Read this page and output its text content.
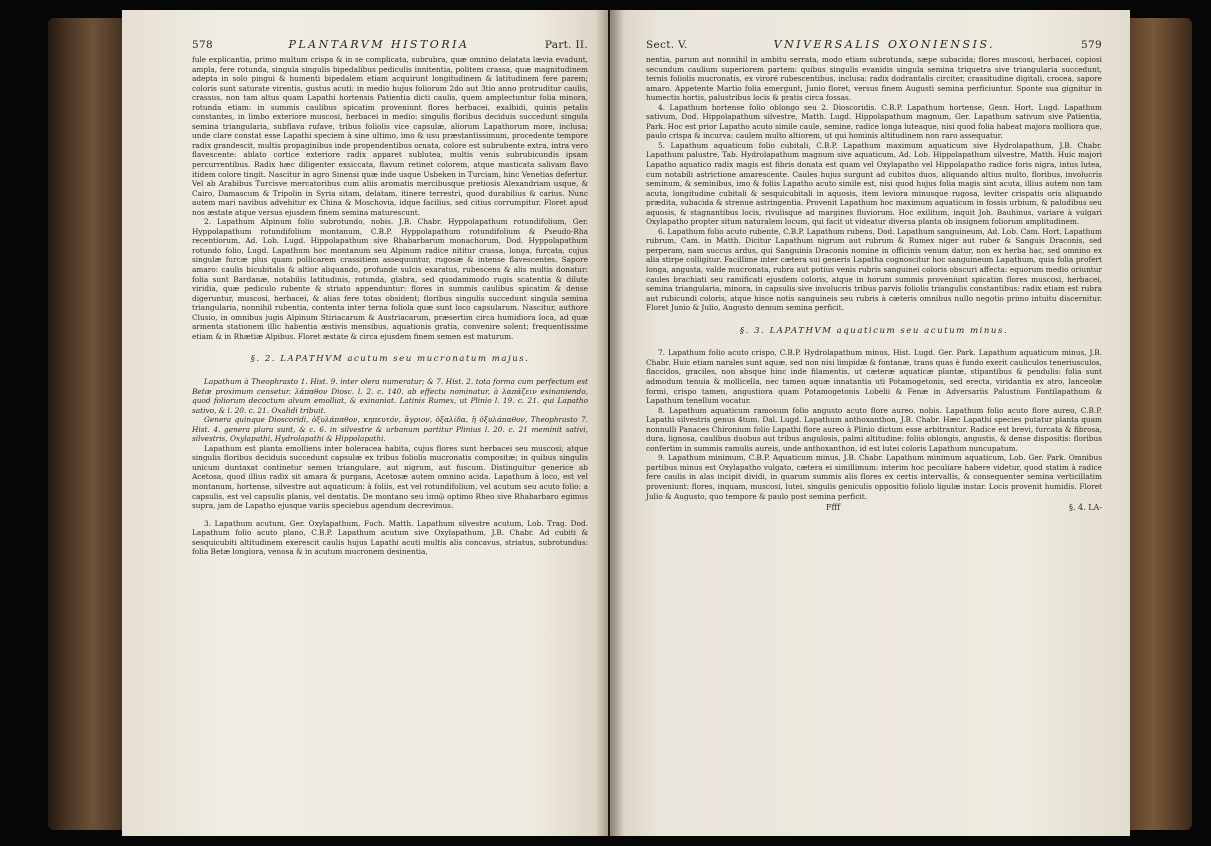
578	PLANTARVM HISTORIA	Part. II.

fule explicantia, primo multum crispa & in se complicata, subrubra, quæ omnino delatata lævia evadunt, ampla, fere rotunda, singula singulis bipedalibus pediculis innitentia, politem crassa, quæ magnitudinem adepta in solo pingui & humenti bipedalem etiam acquirunt longitudinem & latitudinem fere parem; coloris sunt saturate virentis, gustus acuti: in medio hujus foliorum 2do aut 3tio anno protruditur caulis, crassus, non tam altus quam Lapathi hortensis Patientia dicti caulis, quem amplectuntur folia minora, rotunda etiam: in summis caulibus spicatim proveniunt flores herbacei, exalbidi, quinis petalis constantes, in limbo exteriore muscosi, herbacei in medio: singulis floribus deciduis succedunt singula semina triangularia, subflava rufave, tribus foliolis vice capsulæ, aliorum Lapathorum more, inclusa; unde clare constat esse Lapathi speciem à sine ultimo, imo & usu præstantissimum, procedente tempore radix grandescit, multis propaginibus inde propendentibus ornata, colore est subrubente extra, intra vero flavescente: ablato cortice exteriore radix apparet sublutea, multis venis subrubicundis ipsam percurrentibus. Radix hæc diligenter exsiccata, flavum retinet colorem, atque masticata salivam flavo itidem colore tingit. Nascitur in agro Sinensi quæ inde usque Usbeken in Turciam, hinc Venetias defertur. Vel ab Arabibus Turcisve mercatoribus cum aliis aromatis mercibusque pretiosis Alexandriam usque, & Cairo, Damascum & Tripolin in Syria sitam, delatam, itinere terrestri, quod durabilius & carius. Nunc autem mari navibus advehitur ex China & Moschovia, idque facilius, sed citius corrumpitur. Floret apud nos æstate atque versus ejusdem finem semina maturescunt.

2. Lapathum Alpinum folio subrotundo, nobis. J.B. Chabr. Hyppolapathum rotundifolium, Ger. Hyppolapathum rotundifolium montanum, C.B.P. Hyppolapathum rotundifolium & Pseudo-Rha recentiorum, Ad. Lob. Lugd. Hippolapathum sive Rhabarbarum monachorum, Dod. Hyppolapathum rotundo folio, Lugd. Lapathum hoc montanum seu Alpinum radice nititur crassa, longa, furcata, cujus singulæ furcæ plus quam pollicarem crassitiem assequuntur, rugosæ & intense flavescentes. Sapore amaro: caulis bicubitalis & altior aliquando, profunde sulcis exaratus, rubescens & alis multis donatur: folia sunt Bardanæ, notabilis latitudinis, rotunda, glabra, sed quodammodo rugis scatentia & dilute viridia, quæ pediculo rubente & striato appenduntur: flores in summis caulibus spicatim & dense digeruntur, muscosi, herbacei, & alias fere totas obsident; floribus singulis succedunt singula semina triangularia, nonnihil rubentia, contenta inter terna foliola quæ sunt loco capsularum. Nascitur, authore Clusio, in omnibus jugis Alpinum Stiriacarum & Austriacarum, præsertim circa humidiora loca, ad quæ armenta stationem illic habentia æstivis mensibus, aquationis gratia, convenire solent; frequentissime etiam & in Rhætiæ Alpibus. Floret æstate & circa ejusdem finem semen est maturum.

§. 2. LAPATHVM acutum seu mucronatum majus.

Lapathum à Theophrasto 1. Hist. 9. inter olera numeratur; & 7. Hist. 2. tota forma cum perfectum est Betæ proximum censetur. λάπαθον Diosc. l. 2. c. 140. ab effectu nominatur, à λαπάζειν exinaniendo, quod foliorum decoctum alvum emolliat, & exinaniat. Latinis Rumex, ut Plinio l. 19. c. 21. qui Lapatho sativo, & l. 20. c. 21. Oxalidi tribuit.

Genera quinque Dioscoridi, ὀξυλάπαθον, κηπευτόν, ἄγριον, ὀξαλίδα, ἢ ὀξυλάπαθον, Theophrasto 7. Hist. 4. genera plura sunt, & c. 6. in silvestre & urbanum partitur Plinius l. 20. c. 21 meminit sativi, silvestris, Oxylapathi, Hydrolapathi & Hippolapathi.

Lapathum est planta emolliens inter holeracea habita, cujus flores sunt herbacei seu muscosi; atque singulis floribus deciduis succedunt capsulæ ex tribus foliolis mucronatis compositæ; in quibus singulis unicum duntaxat continetur semen triangulare, aut nigrum, aut fuscum. Distinguitur generice ab Acetosa, quod illius radix sit amara & purgans, Acetosæ autem omnino acida. Lapathum à loco, est vel montanum, hortense, silvestre aut aquaticum: à foliis, est vel rotundifolium, vel acutum seu acuto folio: a capsulis, est vel capsulis planis, vel dentatis. De montano seu ἱππῷ optimo Rheo sive Rhabarbaro egimus supra, jam de Lapatho ejusque variis speciebus agendum decrevimus.

3. Lapathum acutum, Ger. Oxylapathum, Fuch. Matth. Lapathum silvestre acutum, Lob. Trag. Dod. Lapathum folio acuto plano, C.B.P. Lapathum acutum sive Oxylapathum, J.B. Chabr. Ad cubiti & sesquicubiti altitudinem exerescit caulis hujus Lapathi acuti multis alis concavus, striatus, subrotundus: folia Betæ longiora, venosa & in acutum mucronem desinentia,

Sect. V.	VNIVERSALIS OXONIENSIS.	579

nentia, parum aut nonnihil in ambitu serrata, modo etiam subrotunda, sæpe subacida; flores muscosi, herbacei, copiosi secundum caulium superiorem partem: quibus singulis evanidis singula semina triquetra sive triangularia succedunt, ternis foliolis mucronatis, ex viroré rubescentibus, inclusa: radix dodrantalis circiter, crassitudine digitali, crocea, sapore amaro. Appetente Martio folia emergunt, Junio floret, versus finem Augusti semina perficiuntur. Sponte sua gignitur in humectis hortis, palustribus locis & pratis circa fossas.

4. Lapathum hortense folio oblongo seu 2. Dioscoridis. C.B.P. Lapathum hortense, Gesn. Hort. Lugd. Lapathum sativum, Dod. Hippolapathum silvestre, Matth. Lugd. Hippolapathum magnum, Ger. Lapathum sativum sive Patientia, Park. Hoc est prior Lapatho acuto simile caule, semine, radice longa luteaque, nisi quod folia habeat majora molliora que, paulo crispa & incurva: caulem multo altiorem, ut qui hominis altitudinem non raro assequatur.

5. Lapathum aquaticum folio cubitali, C.B.P. Lapathum maximum aquaticum sive Hydrolapathum, J.B. Chabr. Lapathum palustre, Tab. Hydrolapathum magnum sive aquaticum, Ad. Lob. Hippolapathum silvestre, Matth. Huic majori Lapatho aquatico radix magis est fibris donata est quam vel Oxylapatho vel Hippolapatho radice foris nigra, intus lutea, cum notabili astrictione amarescente. Caules hujus surgunt ad cubitos duos, aliquando altius multo, floribus, involucris seminum, & seminibus, imo & foliis Lapatho acuto simile est, nisi quod hujus folia magis sint acuta, illius autem non tam acuta, longitudine cubitali & sesquicubitali in aquosis, item leviora minusque rugosa, leviter crispatis oris aliquando prædita, subacida & strenue astringentia. Provenit Lapathum hoc maximum aquaticum in fossis urbium, & paludibus seu aquosis, & stagnantibus locis, rivulisque ad margines fluviorum. Hoc exilitum, inquit Joh. Bauhinus, variare à vulgari Oxylapatho propter situm naturalem locum, qui facit ut videatur diversa planta ob insignem foliorum amplitudinem.

6. Lapathum folio acuto rubente, C.B.P. Lapathum rubens, Dod. Lapathum sanguineum, Ad. Lob. Cam. Hort. Lapathum rubrum, Cam. in Matth. Dicitur Lapathum nigrum aut rubrum & Rumex niger aut ruber & Sanguis Draconis, sed perperam, nam succus ardus, qui Sanguinis Draconis nomine in officinis venum datur, non ex herba hac, sed omnino ex alia stirpe colligitur. Facillime inter cætera sui generis Lapatha cognoscitur hoc sanguineum Lapathum, quia folia profert longa, angusta, valde mucronata, rubra aut potius venis rubris sanguinei coloris obscuri affecta: equorum medio oriuntur caules brachiati seu ramificati ejusdem coloris, atque in horum summis proveniunt spicatim flores muscosi, herbacei, semina triangularia, minora, in capsulis sive involucris tribus parvis foliolis triangulis constantibus: radix etiam est rubra aut rubicundi coloris, atque hisce notis sanguineis seu rubris à cæteris omnibus nullo negotio primo intuitu discernitur. Floret Junio & Julio, Augusto demum semina perficit.

§. 3. LAPATHVM aquaticum seu acutum minus.

7. Lapathum folio acuto crispo, C.B.P. Hydrolapathum minus, Hist. Lugd. Ger. Park. Lapathum aquaticum minus, J.B. Chabr. Huic etiam narales sunt aquæ, sed non nisi limpidæ & fontanæ, trans quas è fundo exerit cauliculos teneriusculos, flaccidos, graciles, non absque hinc inde filamentis, ut cæteræ aquaticæ plantæ, stipantibus & pendulis: folia sunt admodum tenuia & mollicella, nec tamen aquæ innatantia uti Potamogetonis, sed erecta, viridantia ex atro, lanceolæ formi, crispo tamen, angustiora quam Potamogetonis Lobelii & Fenæ in Adversariis Palustium Fontilapathum & Lapathum tenellum vocatur.

8. Lapathum aquaticum ramosum folio angusto acuto flore aureo. nobis. Lapathum folio acuto flore aureo, C.B.P. Lapathi silvestris genus 4tum. Dal. Lugd. Lapathum anthoxanthon, J.B. Chabr. Hæc Lapathi species putatur planta quam nonnulli Panaces Chironium folio Lapathi flore aureo à Plinio dictum esse arbitrantur. Radice est brevi, furcata & fibrosa, dura, lignosa, caulibus duobus aut tribus angulosis, palmi altitudine: foliis oblongis, angustis, & dense dispositis: floribus confertim in summis ramulis aureis, unde anthoxanthon, id est lutei coloris Lapathum nuncupatum.

9. Lapathum minimum, C.B.P. Aquaticum minus, J.B. Chabr. Lapathum minimum aquaticum, Lob. Ger. Park. Omnibus partibus minus est Oxylapatho vulgato, cætera ei simillimum: interim hoc peculiare habere videtur, quod statim à radice fere caulis in alas incipit dividi, in quarum summis alis flores ex certis intervallis, & consequenter semina verticillatim proveniunt: flores, inquam, muscosi, lutei, singulis geniculis oppositio foliolo ligulæ instar. Locis provenit humidis. Floret Julio & Augusto, quo tempore & paulo post semina perficit.

Ffff	§. 4. LA-
